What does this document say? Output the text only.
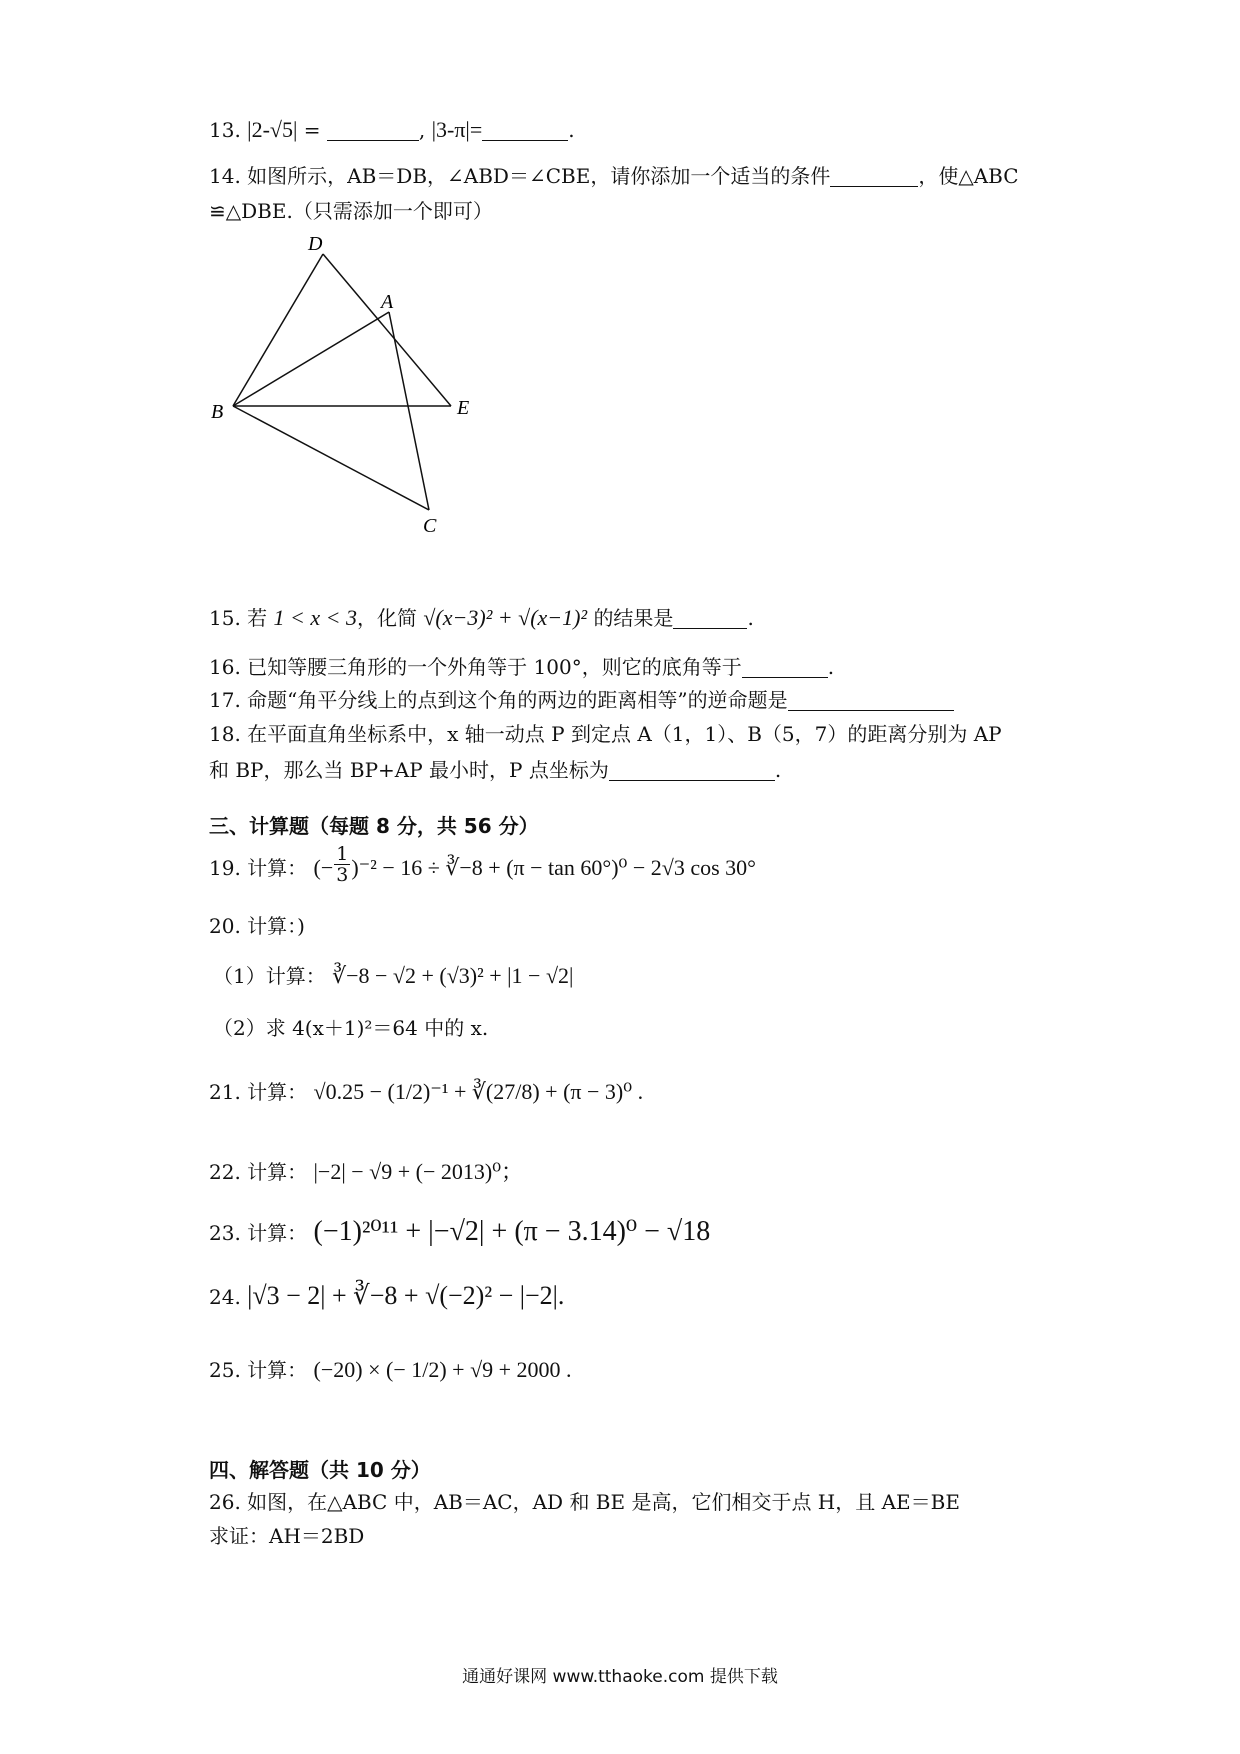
13. |2-√5| =	, |3-π|=	.
14. 如图所示，AB＝DB，∠ABD＝∠CBE，请你添加一个适当的条件	，使△ABC
≌△DBE.（只需添加一个即可）
D
A
B	E
C
15. 若 1 < x < 3，化简 √(x−3)² + √(x−1)² 的结果是	.
16. 已知等腰三角形的一个外角等于 100°，则它的底角等于	.
17. 命题“角平分线上的点到这个角的两边的距离相等”的逆命题是
18. 在平面直角坐标系中，x 轴一动点 P 到定点 A（1，1）、B（5，7）的距离分别为 AP
和 BP，那么当 BP+AP 最小时，P 点坐标为	.
三、计算题（每题 8 分，共 56 分）
19. 计算： (− $\frac{1}{3} )^{-2} - 16$ ÷ ∛−8 + (π − tan 60°)⁰ − 2√3 cos 30°
20. 计算：)
（1）计算： ∛−8 − √2 + (√3)² + |1 − √2|
（2）求 4(x＋1)²＝64 中的 x.
21. 计算： √0.25 − (1/2)⁻¹ + ∛(27/8) + (π − 3)⁰ .
22. 计算： |−2| − √9 + (− 2013)⁰；
23. 计算： (−1)²⁰¹¹ + |−√2| + (π − 3.14)⁰ − √18
24. |√3 − 2| + ∛−8 + √(−2)² − |−2|.
25. 计算： (−20) × (− 1/2) + √9 + 2000 .
四、解答题（共 10 分）
26. 如图，在△ABC 中，AB＝AC，AD 和 BE 是高，它们相交于点 H，且 AE＝BE
求证：AH＝2BD
通通好课网 www.tthaoke.com 提供下载
